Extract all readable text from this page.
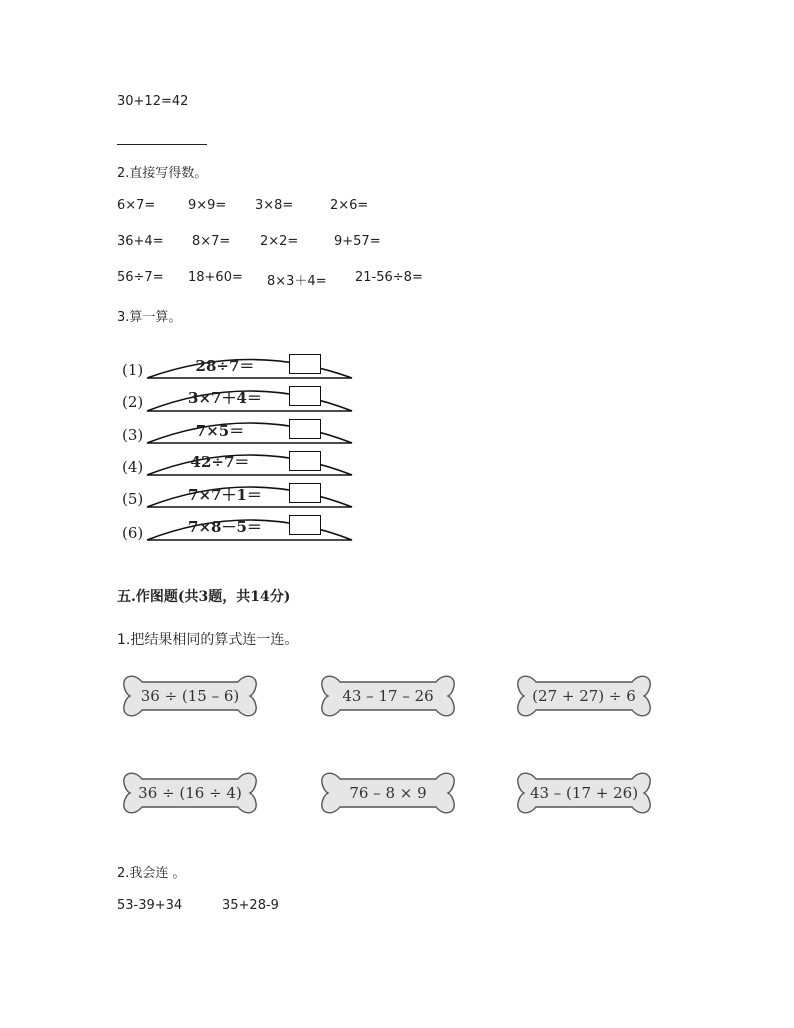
30+12=42
2.直接写得数。
6×7=	9×9= 3×8=	2×6=
36+4= 8×7= 2×2=	9+57=
56÷7= 18+60= 8×3＋4= 21-56÷8=
3.算一算。
(1)	28÷7＝
(2)	3×7＋4＝
(3)	7×5＝
(4)	42÷7＝
(5)	7×7＋1＝
(6)	7×8－5＝
五.作图题(共3题，共14分)
1.把结果相同的算式连一连。
36 ÷ (15 – 6)	43 – 17 – 26	(27 + 27) ÷ 6
36 ÷ (16 ÷ 4)	76 – 8 × 9	43 – (17 + 26)
2.我会连 。
53-39+34	35+28-9
